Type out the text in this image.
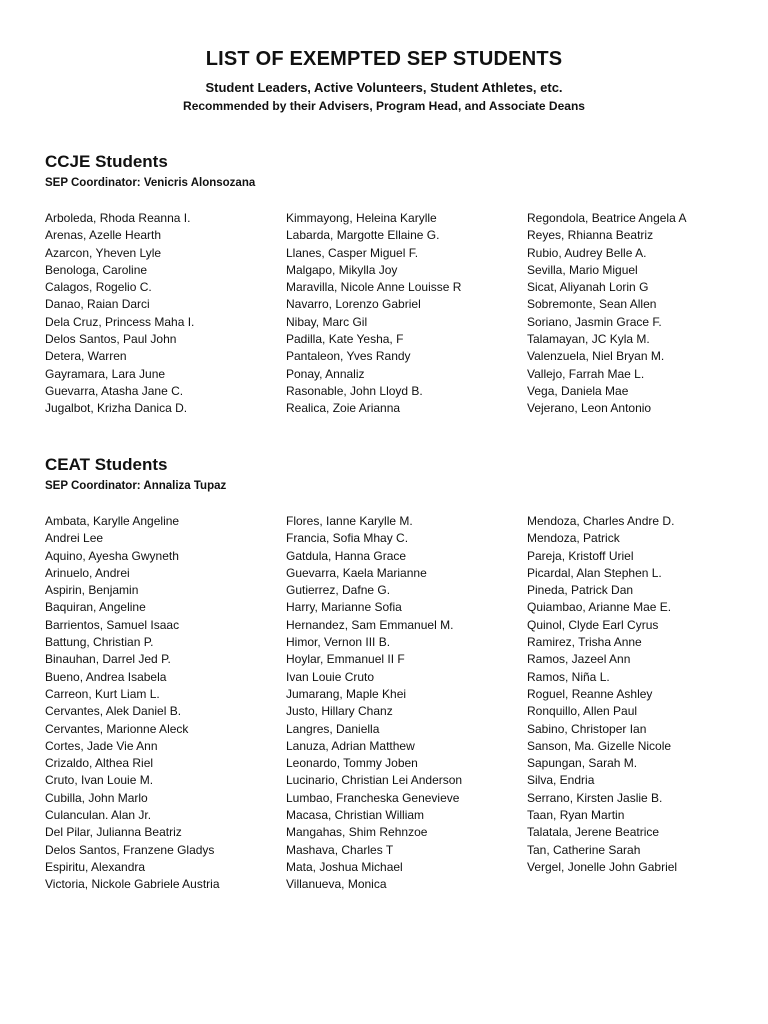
LIST OF EXEMPTED SEP STUDENTS
Student Leaders, Active Volunteers, Student Athletes, etc.
Recommended by their Advisers, Program Head, and Associate Deans
CCJE Students
SEP Coordinator: Venicris Alonsozana
Arboleda, Rhoda Reanna I.
Arenas, Azelle Hearth
Azarcon, Yheven Lyle
Benologa, Caroline
Calagos, Rogelio C.
Danao, Raian Darci
Dela Cruz, Princess Maha I.
Delos Santos, Paul John
Detera, Warren
Gayramara, Lara June
Guevarra, Atasha Jane C.
Jugalbot, Krizha Danica D.
Kimmayong, Heleina Karylle
Labarda, Margotte Ellaine G.
Llanes, Casper Miguel F.
Malgapo, Mikylla Joy
Maravilla, Nicole Anne Louisse R
Navarro, Lorenzo Gabriel
Nibay, Marc Gil
Padilla, Kate Yesha, F
Pantaleon, Yves Randy
Ponay, Annaliz
Rasonable, John Lloyd B.
Realica, Zoie Arianna
Regondola, Beatrice Angela A
Reyes, Rhianna Beatriz
Rubio, Audrey Belle A.
Sevilla, Mario Miguel
Sicat, Aliyanah Lorin G
Sobremonte, Sean Allen
Soriano, Jasmin Grace F.
Talamayan, JC Kyla M.
Valenzuela, Niel Bryan M.
Vallejo, Farrah Mae L.
Vega, Daniela Mae
Vejerano, Leon Antonio
CEAT Students
SEP Coordinator: Annaliza Tupaz
Ambata, Karylle Angeline
Andrei Lee
Aquino, Ayesha Gwyneth
Arinuelo, Andrei
Aspirin, Benjamin
Baquiran, Angeline
Barrientos, Samuel Isaac
Battung, Christian P.
Binauhan, Darrel Jed P.
Bueno, Andrea Isabela
Carreon, Kurt Liam L.
Cervantes, Alek Daniel B.
Cervantes, Marionne Aleck
Cortes, Jade Vie Ann
Crizaldo, Althea Riel
Cruto, Ivan Louie M.
Cubilla, John Marlo
Culanculan. Alan Jr.
Del Pilar, Julianna Beatriz
Delos Santos, Franzene Gladys
Espiritu, Alexandra
Victoria, Nickole Gabriele Austria
Flores, Ianne Karylle M.
Francia, Sofia Mhay C.
Gatdula, Hanna Grace
Guevarra, Kaela Marianne
Gutierrez, Dafne G.
Harry, Marianne Sofia
Hernandez, Sam Emmanuel M.
Himor, Vernon III B.
Hoylar, Emmanuel II F
Ivan Louie Cruto
Jumarang, Maple Khei
Justo, Hillary Chanz
Langres, Daniella
Lanuza, Adrian Matthew
Leonardo, Tommy Joben
Lucinario, Christian Lei Anderson
Lumbao, Francheska Genevieve
Macasa, Christian William
Mangahas, Shim Rehnzoe
Mashava, Charles T
Mata, Joshua Michael
Villanueva, Monica
Mendoza, Charles Andre D.
Mendoza, Patrick
Pareja, Kristoff Uriel
Picardal, Alan Stephen L.
Pineda, Patrick Dan
Quiambao, Arianne Mae E.
Quinol, Clyde Earl Cyrus
Ramirez, Trisha Anne
Ramos, Jazeel Ann
Ramos, Niña L.
Roguel, Reanne Ashley
Ronquillo, Allen Paul
Sabino, Christoper Ian
Sanson, Ma. Gizelle Nicole
Sapungan, Sarah M.
Silva, Endria
Serrano, Kirsten Jaslie B.
Taan, Ryan Martin
Talatala, Jerene Beatrice
Tan, Catherine Sarah
Vergel, Jonelle John Gabriel
